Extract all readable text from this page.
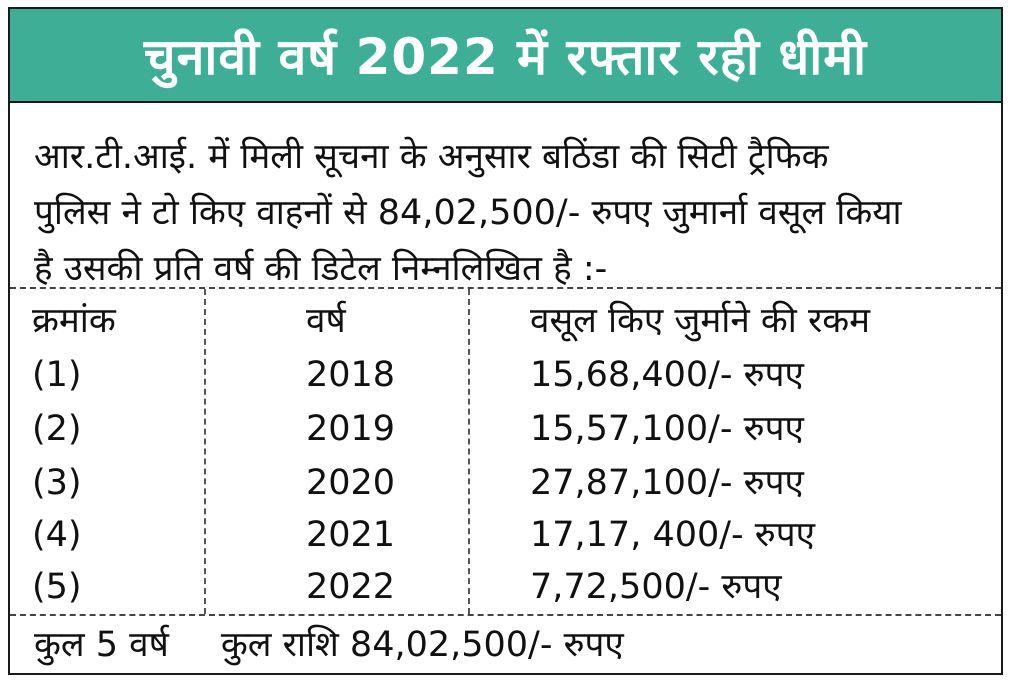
चुनावी वर्ष 2022 में रफ्तार रही धीमी

आर.टी.आई. में मिली सूचना के अनुसार बठिंडा की सिटी ट्रैफिक

पुलिस ने टो किए वाहनों से 84,02,500/- रुपए जुमार्ना वसूल किया

है उसकी प्रति वर्ष की डिटेल निम्नलिखित है :-

क्रमांक	वर्ष	वसूल किए जुर्माने की रकम
(1)	2018	15,68,400/- रुपए
(2)	2019	15,57,100/- रुपए
(3)	2020	27,87,100/- रुपए
(4)	2021	17,17, 400/- रुपए
(5)	2022	7,72,500/- रुपए
कुल 5 वर्ष कुल राशि 84,02,500/- रुपए
